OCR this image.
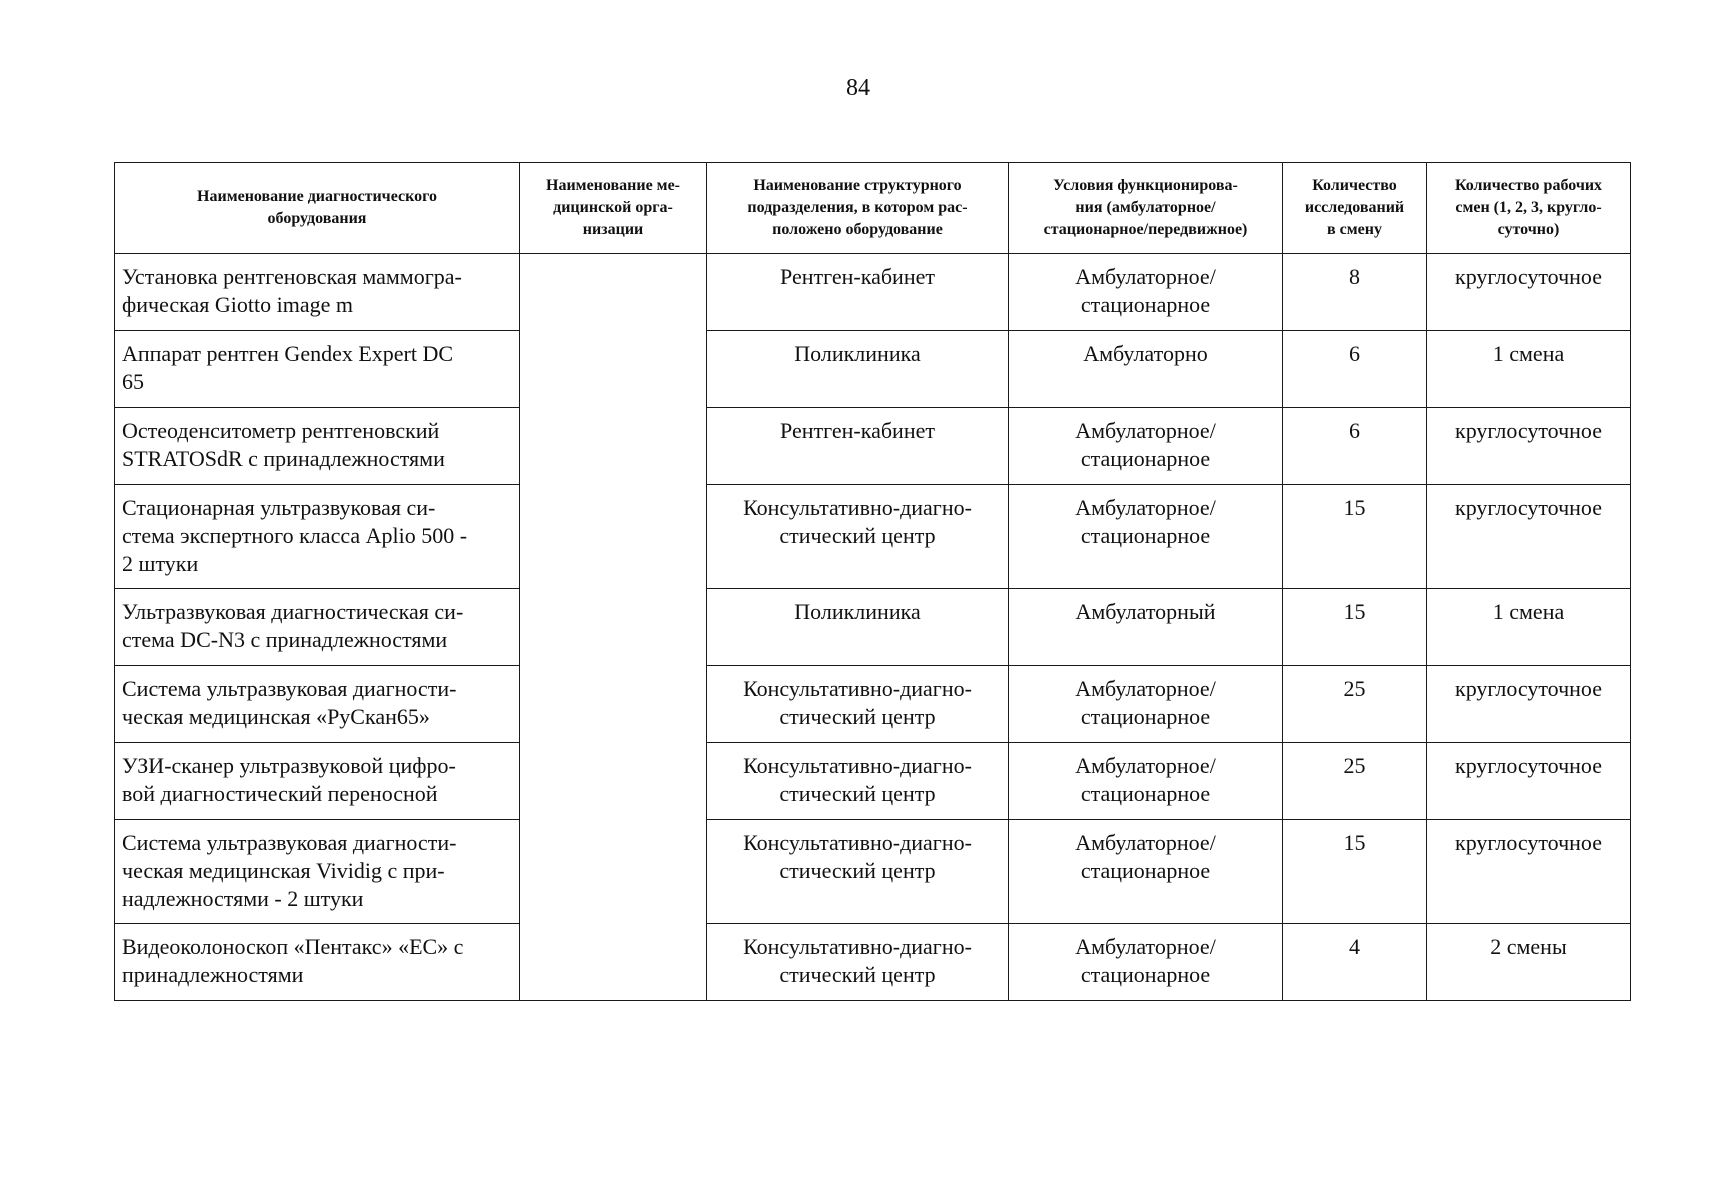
84
Наименование диагностического
оборудования	Наименование ме-
дицинской орга-
низации	Наименование структурного
подразделения, в котором рас-
положено оборудование	Условия функционирова-
ния (амбулаторное/
стационарное/передвижное)	Количество
исследований
в смену	Количество рабочих
смен (1, 2, 3, кругло-
суточно)

Установка рентгеновская маммогра-
фическая Giotto image m		Рентген-кабинет	Амбулаторное/
стационарное	8	круглосуточное

Аппарат рентген Gendex Expert DC
65		Поликлиника	Амбулаторно	6	1 смена

Остеоденситометр рентгеновский
STRATOSdR с принадлежностями		Рентген-кабинет	Амбулаторное/
стационарное	6	круглосуточное

Стационарная ультразвуковая си-
стема экспертного класса Aplio 500 -
2 штуки		Консультативно-диагно-
стический центр	Амбулаторное/
стационарное	15	круглосуточное

Ультразвуковая диагностическая си-
стема DC-N3 с принадлежностями		Поликлиника	Амбулаторный	15	1 смена

Система ультразвуковая диагности-
ческая медицинская «РуСкан65»		Консультативно-диагно-
стический центр	Амбулаторное/
стационарное	25	круглосуточное

УЗИ-сканер ультразвуковой цифро-
вой диагностический переносной		Консультативно-диагно-
стический центр	Амбулаторное/
стационарное	25	круглосуточное

Система ультразвуковая диагности-
ческая медицинская Vividig с при-
надлежностями - 2 штуки		Консультативно-диагно-
стический центр	Амбулаторное/
стационарное	15	круглосуточное

Видеоколоноскоп «Пентакс» «ЕС» с
принадлежностями		Консультативно-диагно-
стический центр	Амбулаторное/
стационарное	4	2 смены
